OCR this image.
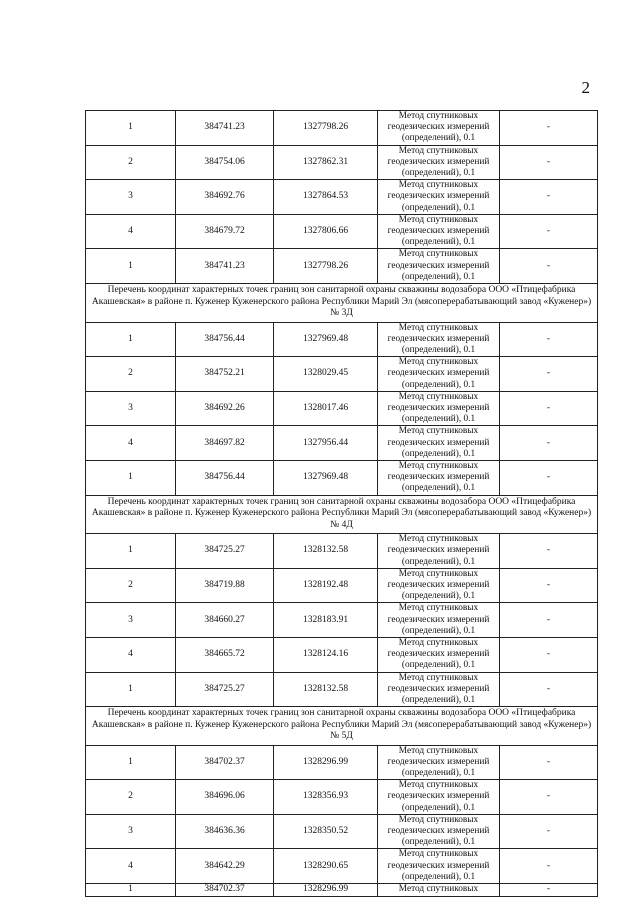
2
1	384741.23	1327798.26	Метод спутниковых геодезических измерений (определений), 0.1	-
2	384754.06	1327862.31	Метод спутниковых геодезических измерений (определений), 0.1	-
3	384692.76	1327864.53	Метод спутниковых геодезических измерений (определений), 0.1	-
4	384679.72	1327806.66	Метод спутниковых геодезических измерений (определений), 0.1	-
1	384741.23	1327798.26	Метод спутниковых геодезических измерений (определений), 0.1	-
Перечень координат характерных точек границ зон санитарной охраны скважины водозабора ООО «Птицефабрика Акашевская» в районе п. Куженер Куженерского района Республики Марий Эл (мясоперерабатывающий завод «Куженер») № 3Д				
1	384756.44	1327969.48	Метод спутниковых геодезических измерений (определений), 0.1	-
2	384752.21	1328029.45	Метод спутниковых геодезических измерений (определений), 0.1	-
3	384692.26	1328017.46	Метод спутниковых геодезических измерений (определений), 0.1	-
4	384697.82	1327956.44	Метод спутниковых геодезических измерений (определений), 0.1	-
1	384756.44	1327969.48	Метод спутниковых геодезических измерений (определений), 0.1	-
Перечень координат характерных точек границ зон санитарной охраны скважины водозабора ООО «Птицефабрика Акашевская» в районе п. Куженер Куженерского района Республики Марий Эл (мясоперерабатывающий завод «Куженер») № 4Д				
1	384725.27	1328132.58	Метод спутниковых геодезических измерений (определений), 0.1	-
2	384719.88	1328192.48	Метод спутниковых геодезических измерений (определений), 0.1	-
3	384660.27	1328183.91	Метод спутниковых геодезических измерений (определений), 0.1	-
4	384665.72	1328124.16	Метод спутниковых геодезических измерений (определений), 0.1	-
1	384725.27	1328132.58	Метод спутниковых геодезических измерений (определений), 0.1	-
Перечень координат характерных точек границ зон санитарной охраны скважины водозабора ООО «Птицефабрика Акашевская» в районе п. Куженер Куженерского района Республики Марий Эл (мясоперерабатывающий завод «Куженер») № 5Д				
1	384702.37	1328296.99	Метод спутниковых геодезических измерений (определений), 0.1	-
2	384696.06	1328356.93	Метод спутниковых геодезических измерений (определений), 0.1	-
3	384636.36	1328350.52	Метод спутниковых геодезических измерений (определений), 0.1	-
4	384642.29	1328290.65	Метод спутниковых геодезических измерений (определений), 0.1	-
1	384702.37	1328296.99	Метод спутниковых	-
